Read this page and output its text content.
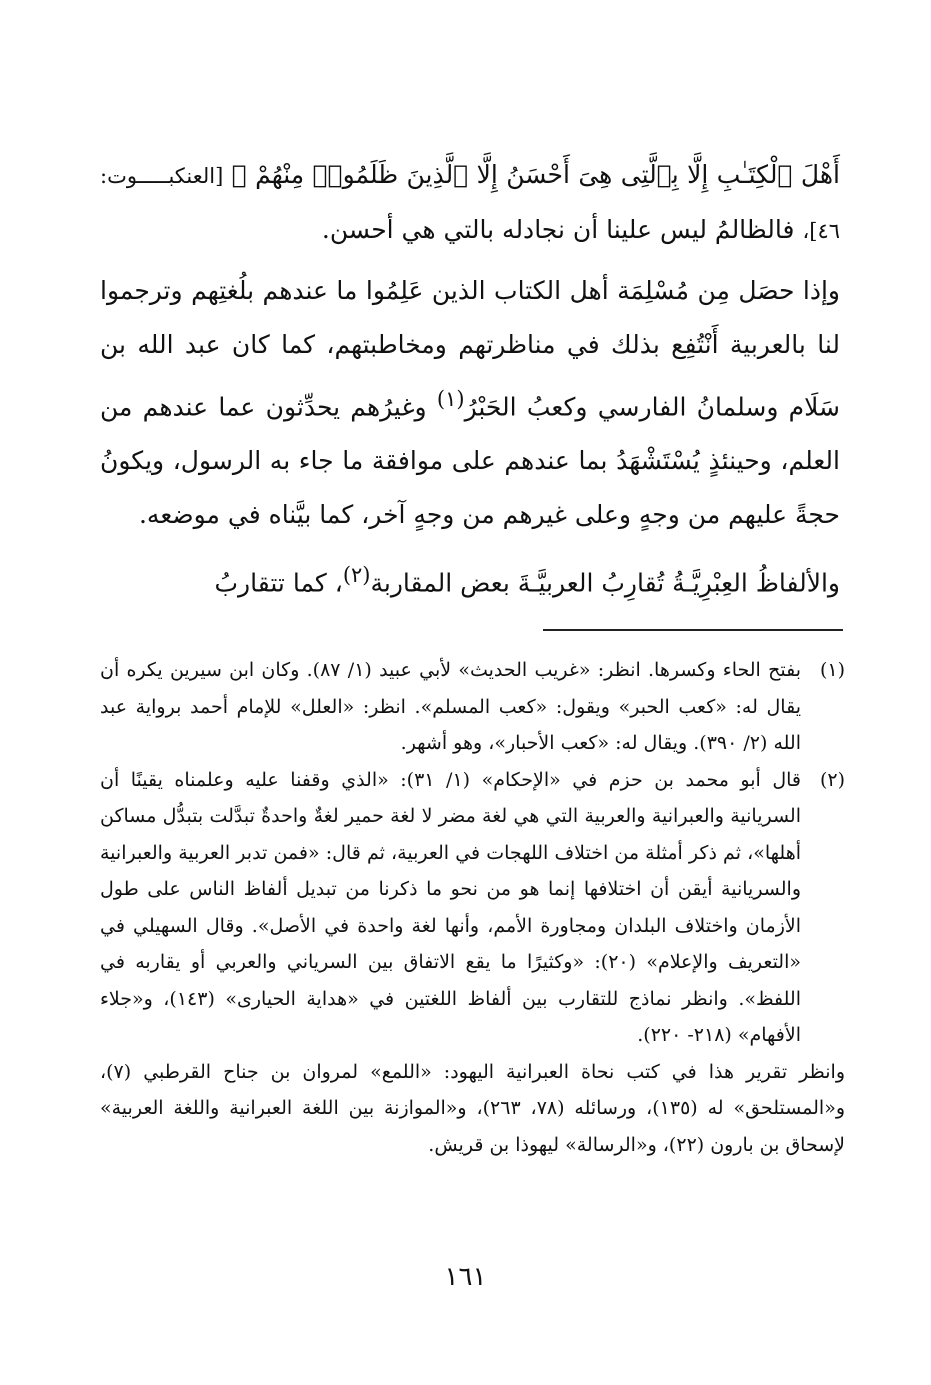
أَهْلَ ٱلْكِتَـٰبِ إِلَّا بِٱلَّتِى هِىَ أَحْسَنُ إِلَّا ٱلَّذِينَ ظَلَمُوا۟ مِنْهُمْ ﴾ [العنكبـــــوت: ٤٦]، فالظالمُ ليس علينا أن نجادله بالتي هي أحسن.

وإذا حصَل مِن مُسْلِمَة أهل الكتاب الذين عَلِمُوا ما عندهم بلُغتِهم وترجموا لنا بالعربية أَنْتُفِع بذلك في مناظرتهم ومخاطبتهم، كما كان عبد الله بن سَلَام وسلمانُ الفارسي وكعبُ الحَبْرُ$^{(١)}$ وغيرُهم يحدِّثون عما عندهم من العلم، وحينئذٍ يُسْتَشْهَدُ بما عندهم على موافقة ما جاء به الرسول، ويكونُ حجةً عليهم من وجهٍ وعلى غيرهم من وجهٍ آخر، كما بيَّناه في موضعه.

والألفاظُ العِبْرِيَّـةُ تُقارِبُ العربيَّـةَ بعض المقاربة$^{(٢)}$، كما تتقاربُ

(١)
بفتح الحاء وكسرها. انظر: «غريب الحديث» لأبي عبيد (١/ ٨٧). وكان ابن سيرين يكره أن يقال له: «كعب الحبر» ويقول: «كعب المسلم». انظر: «العلل» للإمام أحمد برواية عبد الله (٢/ ٣٩٠). ويقال له: «كعب الأحبار»، وهو أشهر.

(٢)
قال أبو محمد بن حزم في «الإحكام» (١/ ٣١): «الذي وقفنا عليه وعلمناه يقينًا أن السريانية والعبرانية والعربية التي هي لغة مضر لا لغة حمير لغةٌ واحدةٌ تبدَّلت بتبدُّل مساكن أهلها»، ثم ذكر أمثلة من اختلاف اللهجات في العربية، ثم قال: «فمن تدبر العربية والعبرانية والسريانية أيقن أن اختلافها إنما هو من نحو ما ذكرنا من تبديل ألفاظ الناس على طول الأزمان واختلاف البلدان ومجاورة الأمم، وأنها لغة واحدة في الأصل». وقال السهيلي في «التعريف والإعلام» (٢٠): «وكثيرًا ما يقع الاتفاق بين السرياني والعربي أو يقاربه في اللفظ». وانظر نماذج للتقارب بين ألفاظ اللغتين في «هداية الحيارى» (١٤٣)، و«جلاء الأفهام» (٢١٨- ٢٢٠).

وانظر تقرير هذا في كتب نحاة العبرانية اليهود: «اللمع» لمروان بن جناح القرطبي (٧)، و«المستلحق» له (١٣٥)، ورسائله (٧٨، ٢٦٣)، و«الموازنة بين اللغة العبرانية واللغة العربية» لإسحاق بن بارون (٢٢)، و«الرسالة» ليهوذا بن قريش.

١٦١
